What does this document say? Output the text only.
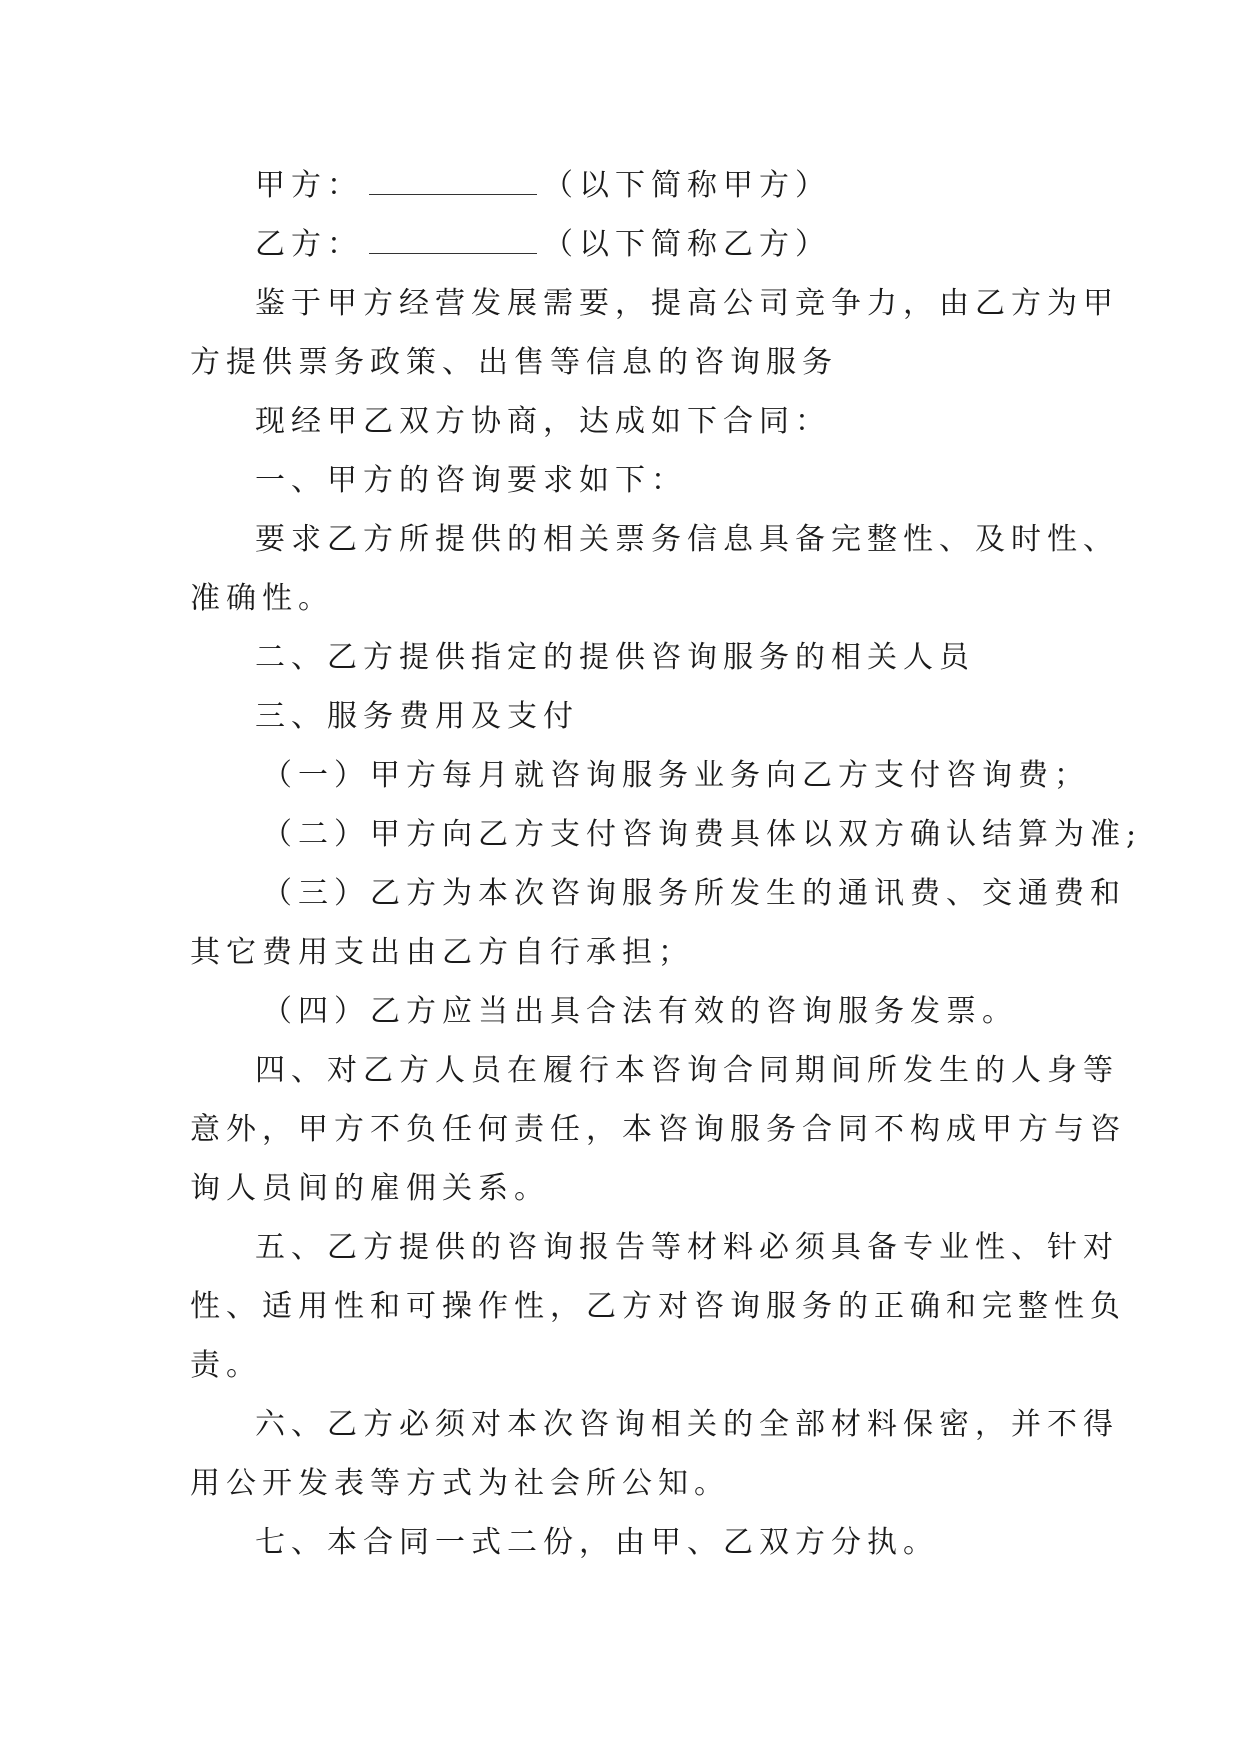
甲方：	（以下简称甲方）
乙方：	（以下简称乙方）
鉴于甲方经营发展需要，提高公司竞争力，由乙方为甲
方提供票务政策、出售等信息的咨询服务
现经甲乙双方协商，达成如下合同：
一、甲方的咨询要求如下：
要求乙方所提供的相关票务信息具备完整性、及时性、
准确性。
二、乙方提供指定的提供咨询服务的相关人员
三、服务费用及支付
（一）甲方每月就咨询服务业务向乙方支付咨询费；
（二）甲方向乙方支付咨询费具体以双方确认结算为准;
（三）乙方为本次咨询服务所发生的通讯费、交通费和
其它费用支出由乙方自行承担；
（四）乙方应当出具合法有效的咨询服务发票。
四、对乙方人员在履行本咨询合同期间所发生的人身等
意外，甲方不负任何责任，本咨询服务合同不构成甲方与咨
询人员间的雇佣关系。
五、乙方提供的咨询报告等材料必须具备专业性、针对
性、适用性和可操作性，乙方对咨询服务的正确和完整性负
责。
六、乙方必须对本次咨询相关的全部材料保密，并不得
用公开发表等方式为社会所公知。
七、本合同一式二份，由甲、乙双方分执。
